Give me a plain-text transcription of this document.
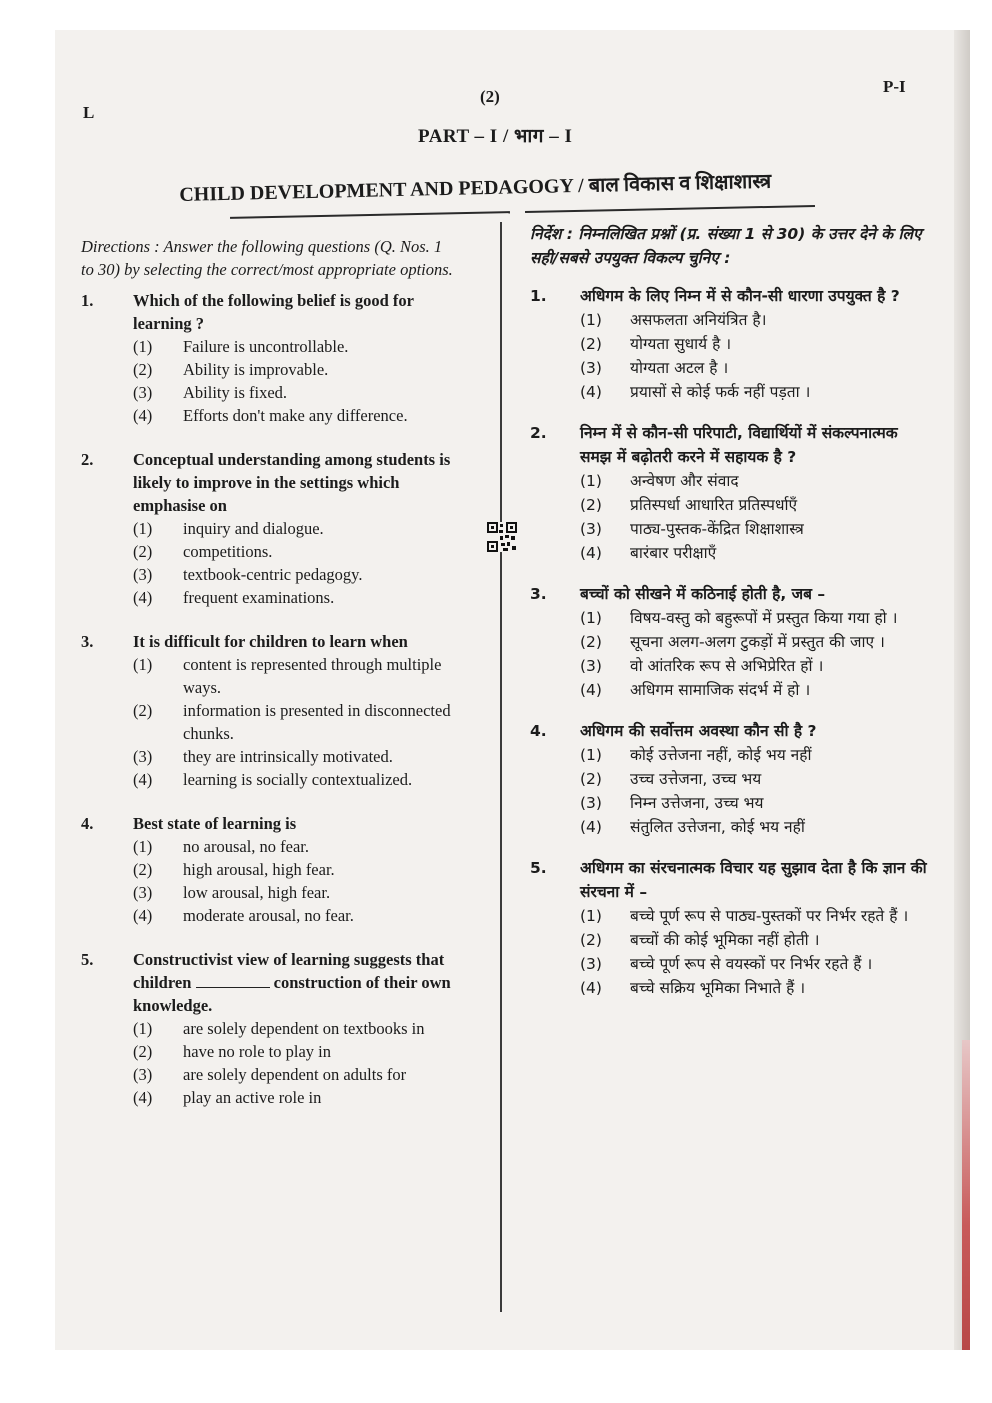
L
(2)
P-I
PART – I / भाग – I
CHILD DEVELOPMENT AND PEDAGOGY / बाल विकास व शिक्षाशास्त्र
Directions : Answer the following questions (Q. Nos. 1 to 30) by selecting the correct/most appropriate options.
1. Which of the following belief is good for learning ?
(1) Failure is uncontrollable.
(2) Ability is improvable.
(3) Ability is fixed.
(4) Efforts don't make any difference.
2. Conceptual understanding among students is likely to improve in the settings which emphasise on
(1) inquiry and dialogue.
(2) competitions.
(3) textbook-centric pedagogy.
(4) frequent examinations.
3. It is difficult for children to learn when
(1) content is represented through multiple ways.
(2) information is presented in disconnected chunks.
(3) they are intrinsically motivated.
(4) learning is socially contextualized.
4. Best state of learning is
(1) no arousal, no fear.
(2) high arousal, high fear.
(3) low arousal, high fear.
(4) moderate arousal, no fear.
5. Constructivist view of learning suggests that children	construction of their own knowledge.
(1) are solely dependent on textbooks in
(2) have no role to play in
(3) are solely dependent on adults for
(4) play an active role in
निर्देश : निम्नलिखित प्रश्नों (प्र. संख्या 1 से 30) के उत्तर देने के लिए सही/सबसे उपयुक्त विकल्प चुनिए :
1. अधिगम के लिए निम्न में से कौन-सी धारणा उपयुक्त है ?
(1) असफलता अनियंत्रित है।
(2) योग्यता सुधार्य है ।
(3) योग्यता अटल है ।
(4) प्रयासों से कोई फर्क नहीं पड़ता ।
2. निम्न में से कौन-सी परिपाटी, विद्यार्थियों में संकल्पनात्मक समझ में बढ़ोतरी करने में सहायक है ?
(1) अन्वेषण और संवाद
(2) प्रतिस्पर्धा आधारित प्रतिस्पर्धाएँ
(3) पाठ्य-पुस्तक-केंद्रित शिक्षाशास्त्र
(4) बारंबार परीक्षाएँ
3. बच्चों को सीखने में कठिनाई होती है, जब –
(1) विषय-वस्तु को बहुरूपों में प्रस्तुत किया गया हो ।
(2) सूचना अलग-अलग टुकड़ों में प्रस्तुत की जाए ।
(3) वो आंतरिक रूप से अभिप्रेरित हों ।
(4) अधिगम सामाजिक संदर्भ में हो ।
4. अधिगम की सर्वोत्तम अवस्था कौन सी है ?
(1) कोई उत्तेजना नहीं, कोई भय नहीं
(2) उच्च उत्तेजना, उच्च भय
(3) निम्न उत्तेजना, उच्च भय
(4) संतुलित उत्तेजना, कोई भय नहीं
5. अधिगम का संरचनात्मक विचार यह सुझाव देता है कि ज्ञान की संरचना में –
(1) बच्चे पूर्ण रूप से पाठ्य-पुस्तकों पर निर्भर रहते हैं ।
(2) बच्चों की कोई भूमिका नहीं होती ।
(3) बच्चे पूर्ण रूप से वयस्कों पर निर्भर रहते हैं ।
(4) बच्चे सक्रिय भूमिका निभाते हैं ।
